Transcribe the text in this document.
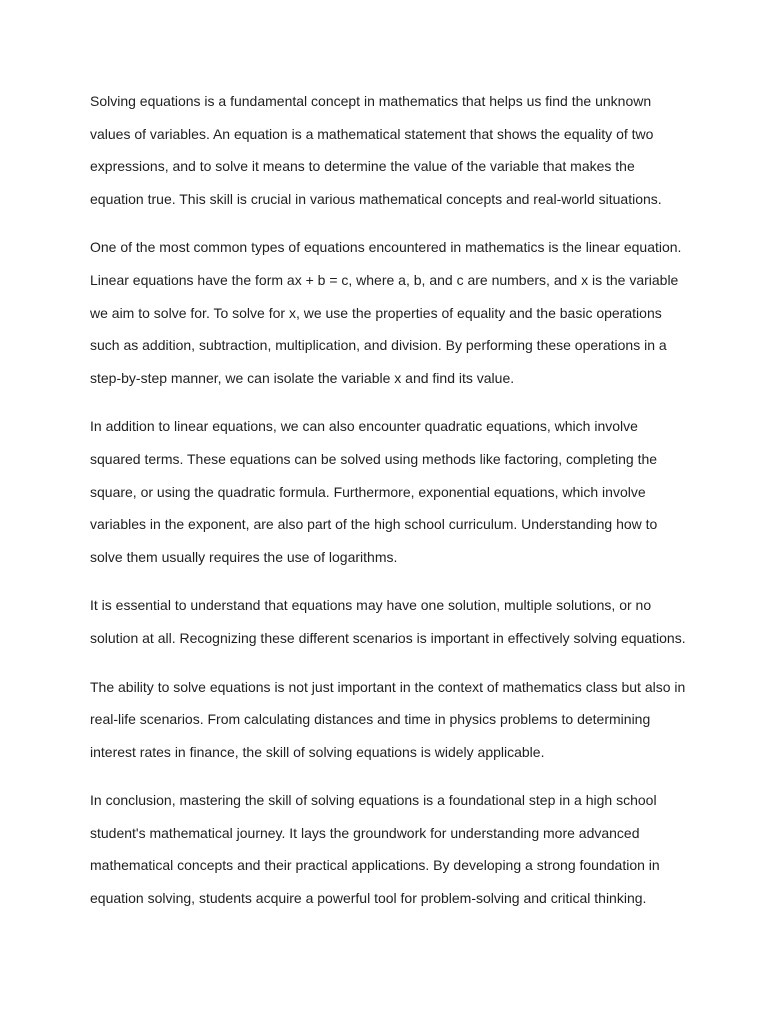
Solving equations is a fundamental concept in mathematics that helps us find the unknown
values of variables. An equation is a mathematical statement that shows the equality of two
expressions, and to solve it means to determine the value of the variable that makes the
equation true. This skill is crucial in various mathematical concepts and real-world situations.

One of the most common types of equations encountered in mathematics is the linear equation.
Linear equations have the form ax + b = c, where a, b, and c are numbers, and x is the variable
we aim to solve for. To solve for x, we use the properties of equality and the basic operations
such as addition, subtraction, multiplication, and division. By performing these operations in a
step-by-step manner, we can isolate the variable x and find its value.

In addition to linear equations, we can also encounter quadratic equations, which involve
squared terms. These equations can be solved using methods like factoring, completing the
square, or using the quadratic formula. Furthermore, exponential equations, which involve
variables in the exponent, are also part of the high school curriculum. Understanding how to
solve them usually requires the use of logarithms.

It is essential to understand that equations may have one solution, multiple solutions, or no
solution at all. Recognizing these different scenarios is important in effectively solving equations.

The ability to solve equations is not just important in the context of mathematics class but also in
real-life scenarios. From calculating distances and time in physics problems to determining
interest rates in finance, the skill of solving equations is widely applicable.

In conclusion, mastering the skill of solving equations is a foundational step in a high school
student's mathematical journey. It lays the groundwork for understanding more advanced
mathematical concepts and their practical applications. By developing a strong foundation in
equation solving, students acquire a powerful tool for problem-solving and critical thinking.
